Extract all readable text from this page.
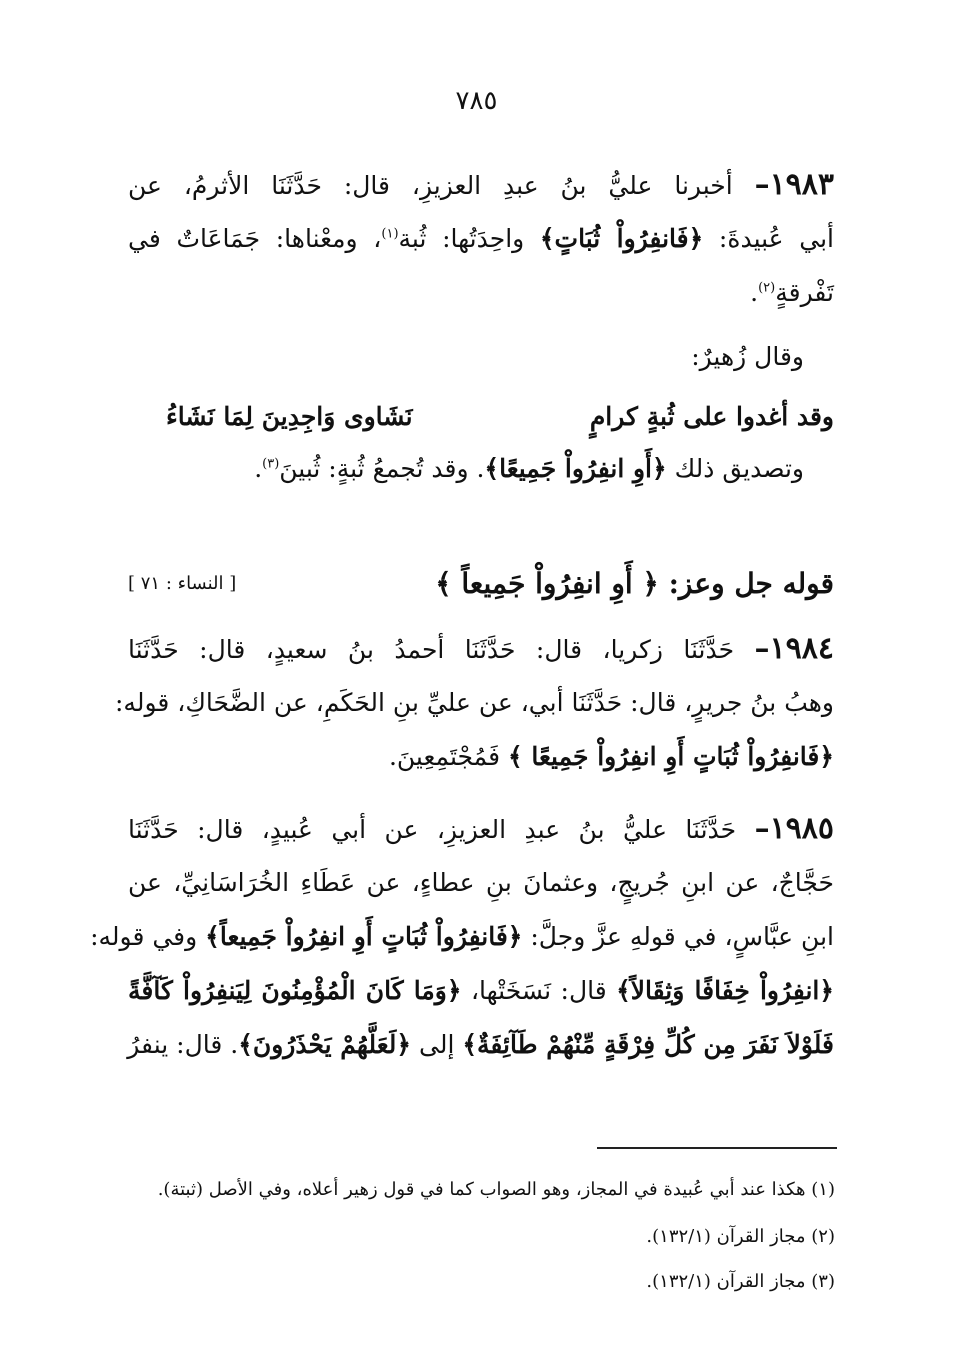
٧٨٥
١٩٨٣– أخبرنا عليُّ بنُ عبدِ العزيزِ، قال: حَدَّثَنَا الأثرمُ، عن
أبي عُبيدةَ: ﴿فَانفِرُواْ ثُبَاتٍ﴾ واحِدَتُها: ثُبة$^{(١)}$، ومعْناها: جَمَاعَاتٌ في
تَفْرقةٍ$^{(٢)}$.
وقال زُهيرٌ:
وقد أغدوا على ثُبةٍ كرامٍ
نَشَاوى وَاجِدِينَ لِمَا نَشَاءُ
وتصديق ذلك ﴿أَوِ انفِرُواْ جَمِيعًا﴾. وقد تُجمعُ ثُبةٍ: ثُبينَ$^{(٣)}$.
قوله جل وعز: ﴿ أَوِ انفِرُواْ جَمِيعاً ﴾
[ النساء : ٧١ ]
١٩٨٤– حَدَّثَنَا زكريا، قال: حَدَّثَنَا أحمدُ بنُ سعيدٍ، قال: حَدَّثَنَا
وهبُ بنُ جريرٍ، قال: حَدَّثَنَا أبي، عن عليِّ بنِ الحَكَمِ، عن الضَّحَاكِ، قوله:
﴿فَانفِرُواْ ثُبَاتٍ أَوِ انفِرُواْ جَمِيعًا ﴾ فَمُجْتَمِعِينَ.
١٩٨٥– حَدَّثَنَا عليُّ بنُ عبدِ العزيزِ، عن أبي عُبيدٍ، قال: حَدَّثَنَا
حَجَّاجٌ، عن ابنِ جُريجٍ، وعثمانَ بنِ عطاءٍ، عن عَطَاءِ الخُرَاسَانِيِّ، عن
ابنِ عبَّاسٍ، في قولهِ عزَّ وجلَّ: ﴿فَانفِرُواْ ثُبَاتٍ أَوِ انفِرُواْ جَمِيعاً﴾ وفي قوله:
﴿انفِرُواْ خِفَافًا وَثِقَالاً﴾ قال: نَسَخَتْها، ﴿وَمَا كَانَ الْمُؤْمِنُونَ لِيَنفِرُواْ كَآفَّةً
فَلَوْلاَ نَفَرَ مِن كُلِّ فِرْقَةٍ مِّنْهُمْ طَآئِفَةٌ﴾ إلى ﴿لَعَلَّهُمْ يَحْذَرُونَ﴾. قال: ينفرُ
(١) هكذا عند أبي عُبيدة في المجاز، وهو الصواب كما في قول زهير أعلاه، وفي الأصل (ثبتة).
(٢) مجاز القرآن (١٣٢/١).
(٣) مجاز القرآن (١٣٢/١).
